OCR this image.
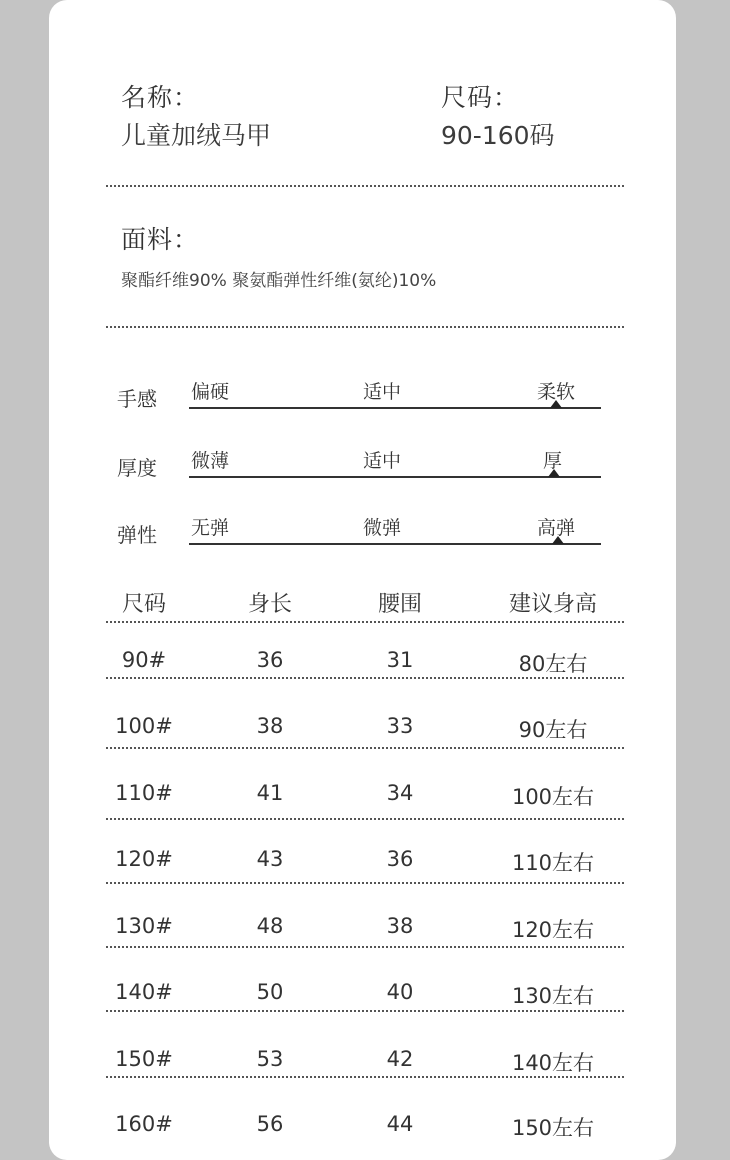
名称：
儿童加绒马甲
尺码：
90-160码
面料：
聚酯纤维90% 聚氨酯弹性纤维(氨纶)10%
手感 偏硬	适中	柔软
厚度 微薄	适中	厚
弹性 无弹	微弹	高弹
尺码	身长	腰围	建议身高
90#	36	31	80左右
100#	38	33	90左右
110#	41	34	100左右
120#	43	36	110左右
130#	48	38	120左右
140#	50	40	130左右
150#	53	42	140左右
160#	56	44	150左右
